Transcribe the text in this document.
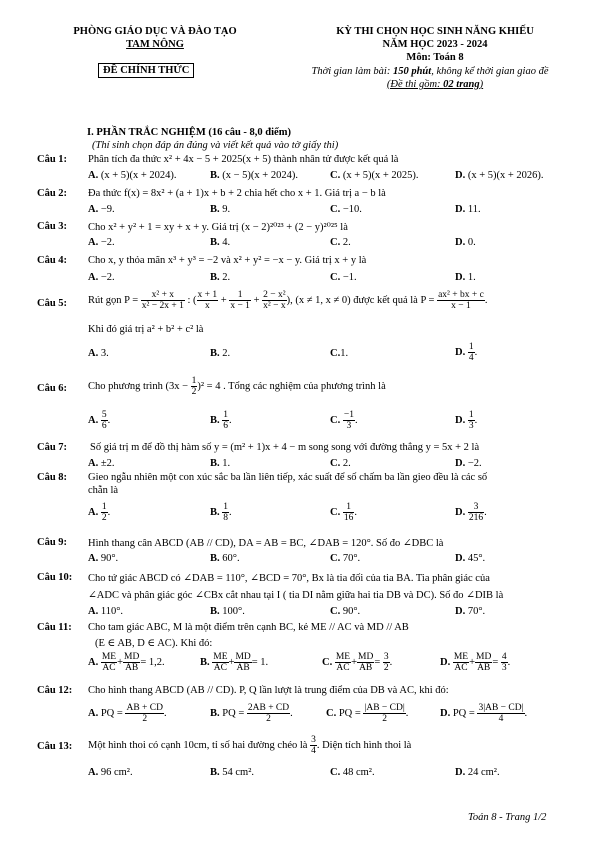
PHÒNG GIÁO DỤC VÀ ĐÀO TẠO
TAM NÔNG
ĐỀ CHÍNH THỨC
KỲ THI CHỌN HỌC SINH NĂNG KHIẾU
NĂM HỌC 2023 - 2024
Môn: Toán 8
Thời gian làm bài: 150 phút, không kể thời gian giao đề
(Đề thi gồm: 02 trang)
I. PHẦN TRẮC NGHIỆM (16 câu - 8,0 điểm)
(Thí sinh chọn đáp án đúng và viết kết quả vào tờ giấy thi)
Câu 1: Phân tích đa thức x² + 4x − 5 + 2025(x + 5) thành nhân tử được kết quả là
A. (x + 5)(x + 2024).	B. (x − 5)(x + 2024).	C. (x + 5)(x + 2025).	D. (x + 5)(x + 2026).
Câu 2: Đa thức f(x) = 8x² + (a + 1)x + b + 2 chia hết cho x + 1. Giá trị a − b là
A. −9.	B. 9.	C. −10.	D. 11.
Câu 3: Cho x² + y² + 1 = xy + x + y. Giá trị (x − 2)²⁰²³ + (2 − y)²⁰²⁵ là
A. −2.	B. 4.	C. 2.	D. 0.
Câu 4: Cho x, y thỏa mãn x³ + y³ = −2 và x² + y² = −x − y. Giá trị x + y là
A. −2.	B. 2.	C. −1.	D. 1.
Câu 5: Rút gọn $P = \frac{\text{x² + x}}{\text{x² − 2x + 1}}$ : ( $\frac{x + 1}{x} + \frac{1}{x - 1} + \frac{\text{2 − x²}}{\text{x² − x}}$ ), (x ≠ 1, x ≠ 0) được kết quả là $P = \frac{\text{ax² + bx + c}}{x - 1}$ .
Khi đó giá trị a² + b² + c² là
A. 3.	B. 2.	C.1.	D. $\frac{1}{4}$ .
Câu 6: Cho phương trình $(3x - \frac{1}{2} )^2 = 4$ . Tổng các nghiệm của phương trình là
A. $\frac{5}{6}$ .	B. $\frac{1}{6}$ .	C. $\frac{-1}{3}$ .	D. $\frac{1}{3}$ .
Câu 7: Số giá trị m để đồ thị hàm số y = (m² + 1)x + 4 − m song song với đường thẳng y = 5x + 2 là
A. ±2.	B. 1.	C. 2.	D. −2.
Câu 8: Gieo ngẫu nhiên một con xúc sắc ba lần liên tiếp, xác suất để số chấm ba lần gieo đều là các số
chẵn là
A. $\frac{1}{2}$ .	B. $\frac{1}{8}$ .	C. $\frac{1}{16}$ .	D. $\frac{3}{216}$ .
Câu 9: Hình thang cân ABCD (AB // CD), DA = AB = BC, ∠DAB = 120°. Số đo ∠DBC là
A. 90°.	B. 60°.	C. 70°.	D. 45°.
Câu 10: Cho tứ giác ABCD có ∠DAB = 110°, ∠BCD = 70°, Bx là tia đối của tia BA. Tia phân giác của
∠ADC và phân giác góc ∠CBx cắt nhau tại I ( tia DI nằm giữa hai tia DB và DC). Số đo ∠DIB là
A. 110°.	B. 100°.	C. 90°.	D. 70°.
Câu 11: Cho tam giác ABC, M là một điểm trên cạnh BC, kẻ ME // AC và MD // AB
(E ∈ AB, D ∈ AC). Khi đó:
A. $\frac{ME}{AC} + \frac{MD}{AB} = 1,2$.	B. $\frac{ME}{AC} + \frac{MD}{AB} = 1$.	C. $\frac{ME}{AC} + \frac{MD}{AB} = \frac{3}{2}$ .	D. $\frac{ME}{AC} + \frac{MD}{AB} = \frac{4}{3}$ .
Câu 12: Cho hình thang ABCD (AB // CD). P, Q lần lượt là trung điểm của DB và AC, khi đó:
A. PQ = $\frac{AB + CD}{2}$ .	B. PQ = $\frac{2AB + CD}{2}$ .	C. PQ = $\frac{|AB - CD|}{2}$ .	D. PQ = $\frac{3|AB - CD|}{4}$ .
Câu 13: Một hình thoi có cạnh 10cm, tỉ số hai đường chéo là $\frac{3}{4}$ . Diện tích hình thoi là
A. 96 cm².	B. 54 cm².	C. 48 cm².	D. 24 cm².
Toán 8 - Trang 1/2
